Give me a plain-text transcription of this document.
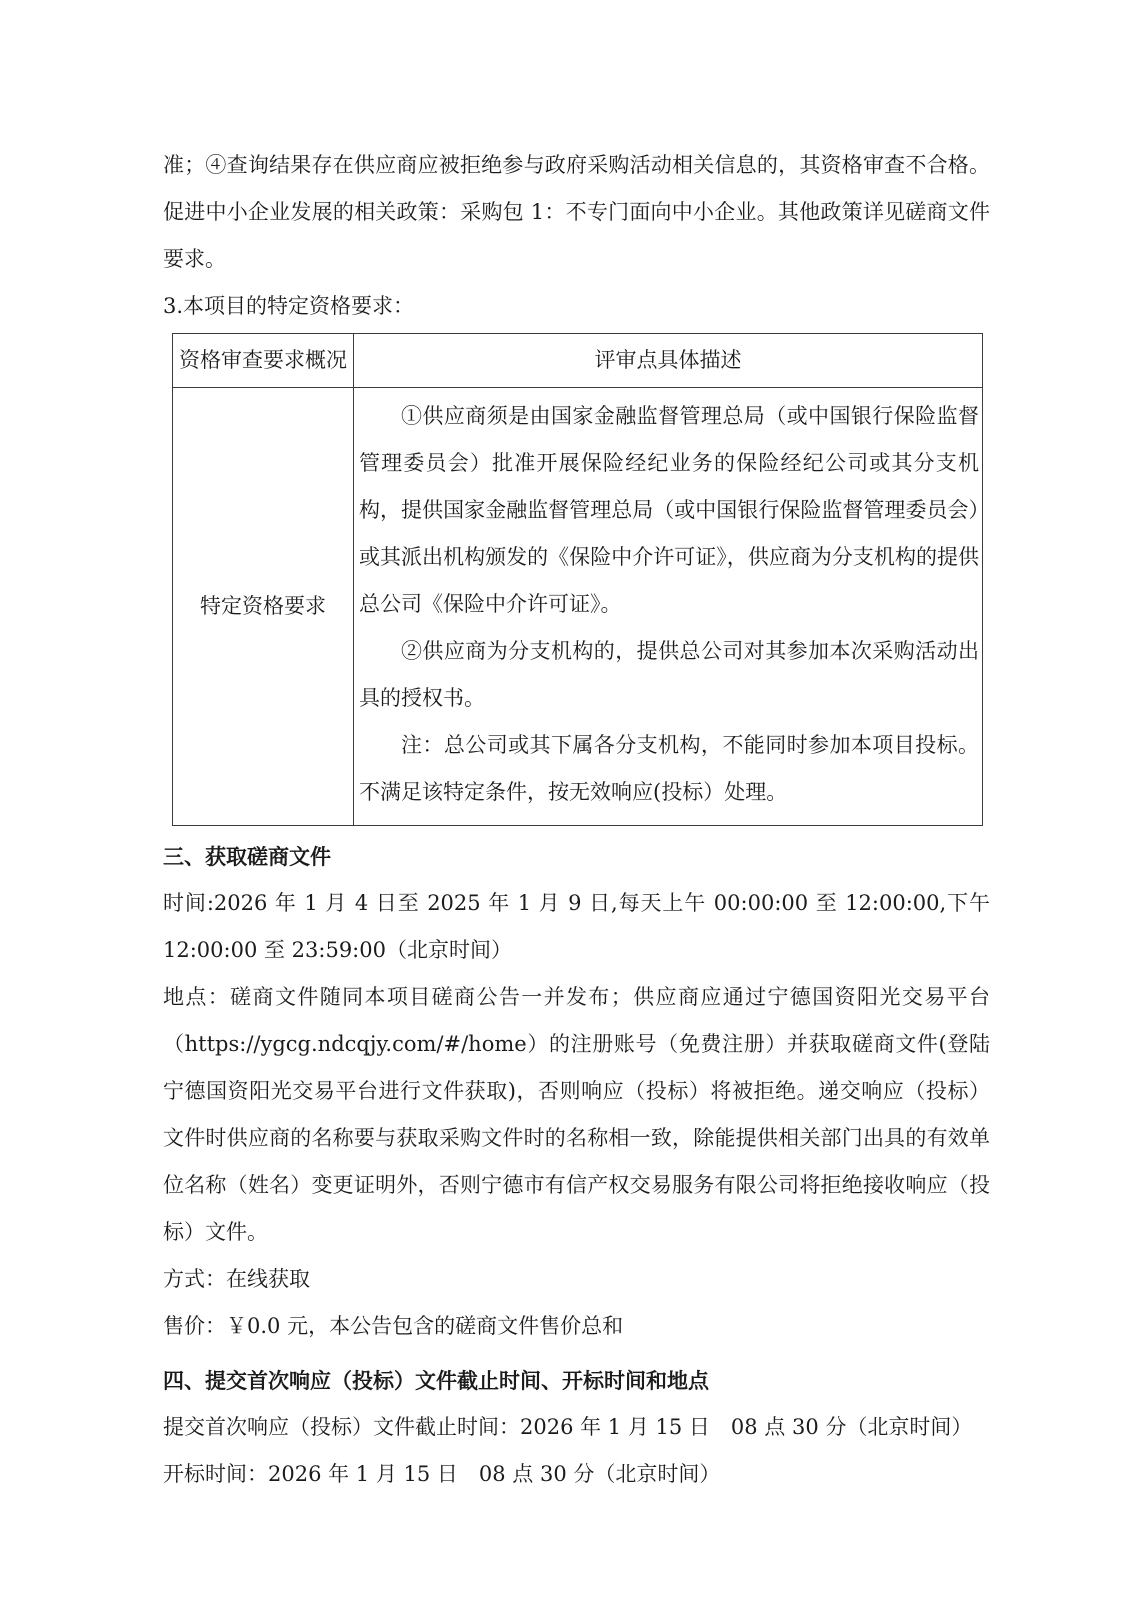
准；④查询结果存在供应商应被拒绝参与政府采购活动相关信息的，其资格审查不合格。促进中小企业发展的相关政策：采购包 1：不专门面向中小企业。其他政策详见磋商文件要求。

3.本项目的特定资格要求：

资格审查要求概况	评审点具体描述
特定资格要求	①供应商须是由国家金融监督管理总局（或中国银行保险监督管理委员会）批准开展保险经纪业务的保险经纪公司或其分支机构，提供国家金融监督管理总局（或中国银行保险监督管理委员会）或其派出机构颁发的《保险中介许可证》，供应商为分支机构的提供总公司《保险中介许可证》。

②供应商为分支机构的，提供总公司对其参加本次采购活动出具的授权书。

注：总公司或其下属各分支机构，不能同时参加本项目投标。不满足该特定条件，按无效响应(投标）处理。

三、获取磋商文件

时间:2026 年 1 月 4 日至 2025 年 1 月 9 日,每天上午 00:00:00 至 12:00:00,下午 12:00:00 至 23:59:00（北京时间）

地点：磋商文件随同本项目磋商公告一并发布；供应商应通过宁德国资阳光交易平台（https://ygcg.ndcqjy.com/#/home）的注册账号（免费注册）并获取磋商文件(登陆宁德国资阳光交易平台进行文件获取)，否则响应（投标）将被拒绝。递交响应（投标）文件时供应商的名称要与获取采购文件时的名称相一致，除能提供相关部门出具的有效单位名称（姓名）变更证明外，否则宁德市有信产权交易服务有限公司将拒绝接收响应（投标）文件。

方式：在线获取

售价：￥0.0 元，本公告包含的磋商文件售价总和

四、提交首次响应（投标）文件截止时间、开标时间和地点

提交首次响应（投标）文件截止时间：2026 年 1 月 15 日　08 点 30 分（北京时间）

开标时间：2026 年 1 月 15 日　08 点 30 分（北京时间）
